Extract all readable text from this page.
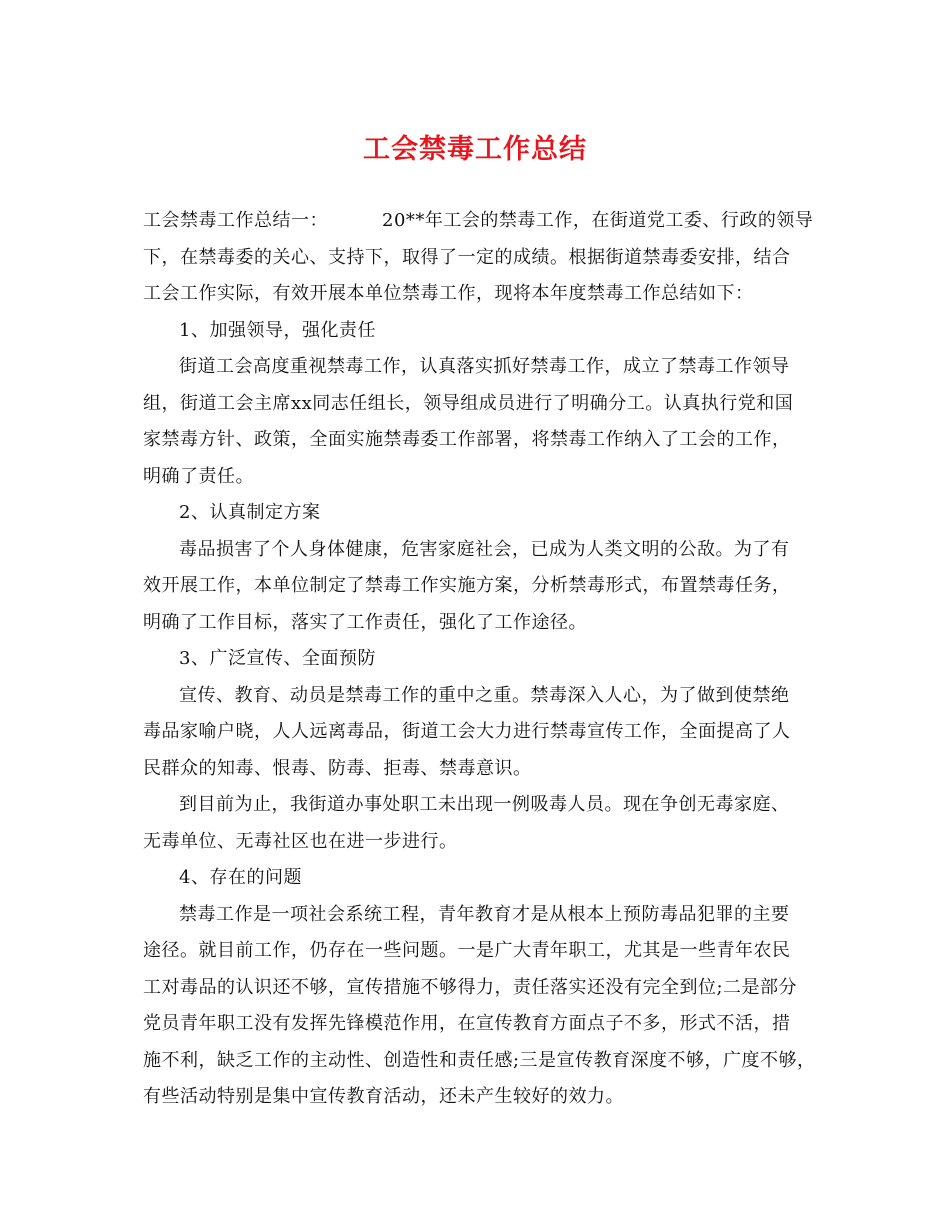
工会禁毒工作总结
工会禁毒工作总结一：	20**年工会的禁毒工作，在街道党工委、行政的领导
下，在禁毒委的关心、支持下，取得了一定的成绩。根据街道禁毒委安排，结合
工会工作实际，有效开展本单位禁毒工作，现将本年度禁毒工作总结如下：
1、加强领导，强化责任
街道工会高度重视禁毒工作，认真落实抓好禁毒工作，成立了禁毒工作领导
组，街道工会主席xx同志任组长，领导组成员进行了明确分工。认真执行党和国
家禁毒方针、政策，全面实施禁毒委工作部署，将禁毒工作纳入了工会的工作，
明确了责任。
2、认真制定方案
毒品损害了个人身体健康，危害家庭社会，已成为人类文明的公敌。为了有
效开展工作，本单位制定了禁毒工作实施方案，分析禁毒形式，布置禁毒任务，
明确了工作目标，落实了工作责任，强化了工作途径。
3、广泛宣传、全面预防
宣传、教育、动员是禁毒工作的重中之重。禁毒深入人心，为了做到使禁绝
毒品家喻户晓，人人远离毒品，街道工会大力进行禁毒宣传工作，全面提高了人
民群众的知毒、恨毒、防毒、拒毒、禁毒意识。
到目前为止，我街道办事处职工未出现一例吸毒人员。现在争创无毒家庭、
无毒单位、无毒社区也在进一步进行。
4、存在的问题
禁毒工作是一项社会系统工程，青年教育才是从根本上预防毒品犯罪的主要
途径。就目前工作，仍存在一些问题。一是广大青年职工，尤其是一些青年农民
工对毒品的认识还不够，宣传措施不够得力，责任落实还没有完全到位;二是部分
党员青年职工没有发挥先锋模范作用，在宣传教育方面点子不多，形式不活，措
施不利，缺乏工作的主动性、创造性和责任感;三是宣传教育深度不够，广度不够，
有些活动特别是集中宣传教育活动，还未产生较好的效力。
